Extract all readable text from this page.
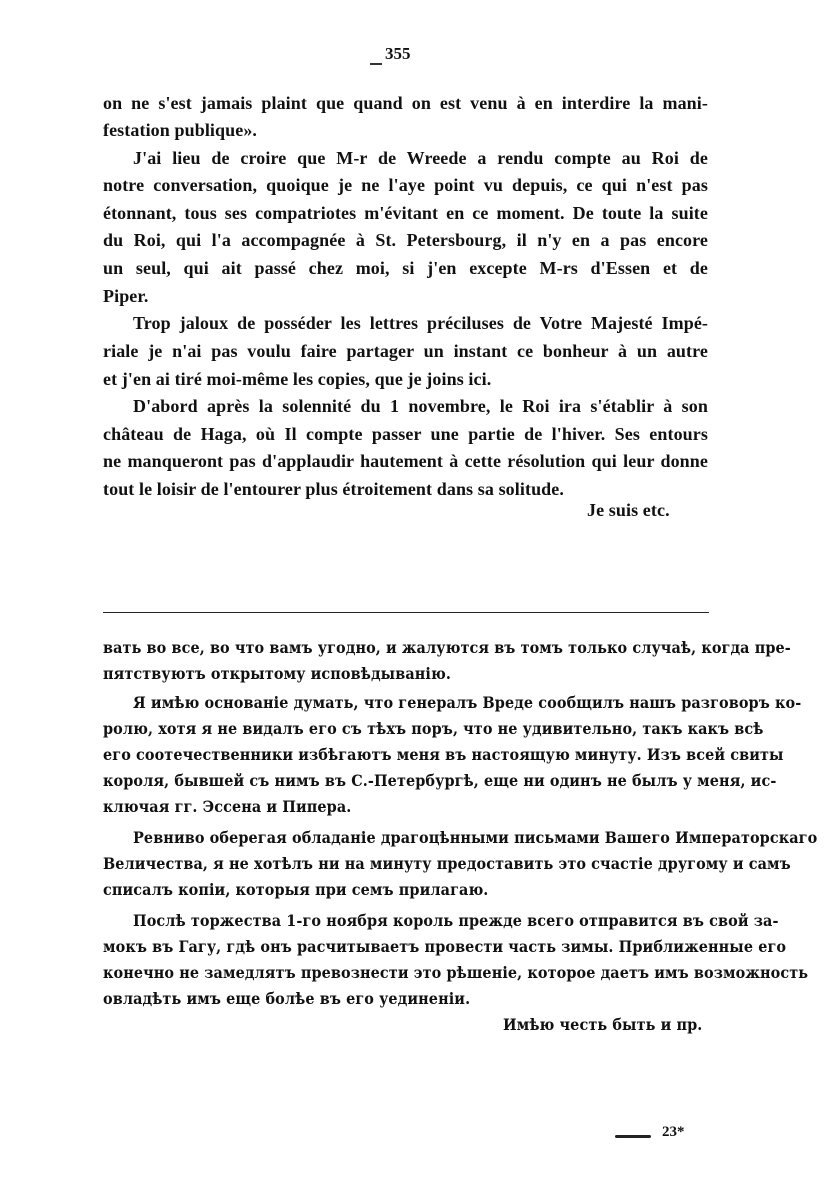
355
on ne s'est jamais plaint que quand on est venu à en interdire la mani-
festation publique».
J'ai lieu de croire que M-r de Wreede a rendu compte au Roi de
notre conversation, quoique je ne l'aye point vu depuis, ce qui n'est pas
étonnant, tous ses compatriotes m'évitant en ce moment. De toute la suite
du Roi, qui l'a accompagnée à St. Petersbourg, il n'y en a pas encore
un seul, qui ait passé chez moi, si j'en excepte M-rs d'Essen et de
Piper.
Trop jaloux de posséder les lettres préciluses de Votre Majesté Impé-
riale je n'ai pas voulu faire partager un instant ce bonheur à un autre
et j'en ai tiré moi-même les copies, que je joins ici.
D'abord après la solennité du 1 novembre, le Roi ira s'établir à son
château de Haga, où Il compte passer une partie de l'hiver. Ses entours
ne manqueront pas d'applaudir hautement à cette résolution qui leur donne
tout le loisir de l'entourer plus étroitement dans sa solitude.
Je suis etc.
вать во все, во что вамъ угодно, и жалуются въ томъ только случаѣ, когда пре-
пятствуютъ открытому исповѣдыванiю.
Я имѣю основанiе думать, что генералъ Вреде сообщилъ нашъ разговоръ ко-
ролю, хотя я не видалъ его съ тѣхъ поръ, что не удивительно, такъ какъ всѣ
его соотечественники избѣгаютъ меня въ настоящую минуту. Изъ всей свиты
короля, бывшей съ нимъ въ С.-Петербургѣ, еще ни одинъ не былъ у меня, ис-
ключая гг. Эссена и Пипера.
Ревниво оберегая обладанiе драгоцѣнными письмами Вашего Императорскаго
Величества, я не хотѣлъ ни на минуту предоставить это счастiе другому и самъ
списалъ копiи, которыя при семъ прилагаю.
Послѣ торжества 1-го ноября король прежде всего отправится въ свой за-
мокъ въ Гагу, гдѣ онъ расчитываетъ провести часть зимы. Приближенные его
конечно не замедлятъ превознести это рѣшенiе, которое даетъ имъ возможность
овладѣть имъ еще болѣе въ его уединенiи.
Имѣю честь быть и пр.
23*
